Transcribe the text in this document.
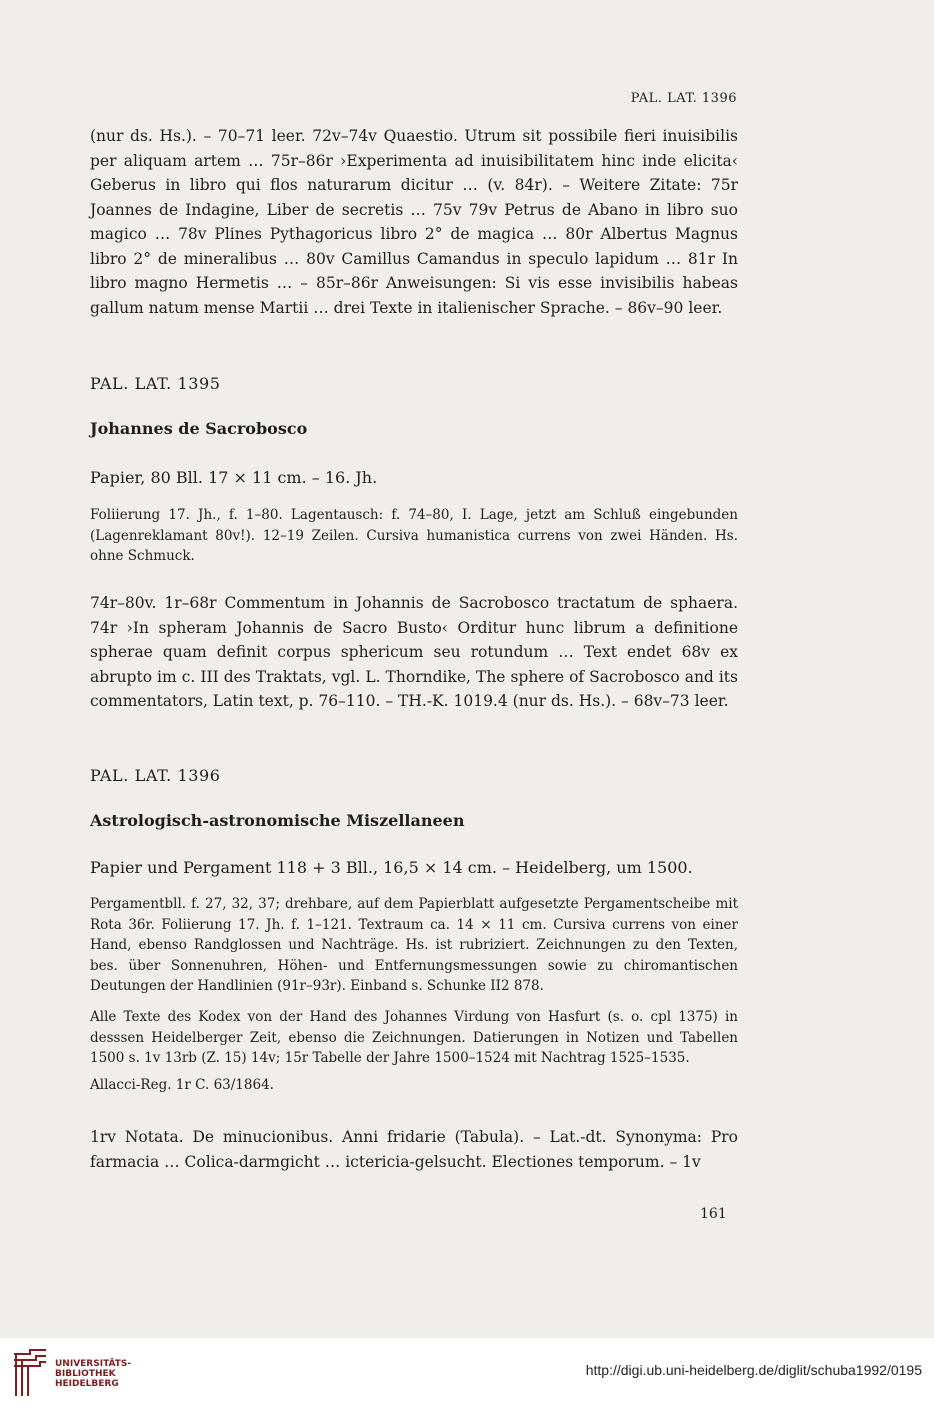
PAL. LAT. 1396
(nur ds. Hs.). – 70–71 leer. 72v–74v Quaestio. Utrum sit possibile fieri inuisibilis per aliquam artem … 75r–86r ›Experimenta ad inuisibilitatem hinc inde elicita‹ Geberus in libro qui flos naturarum dicitur … (v. 84r). – Weitere Zitate: 75r Joannes de Indagine, Liber de secretis … 75v 79v Petrus de Abano in libro suo magico … 78v Plines Pythagoricus libro 2° de magica … 80r Albertus Magnus libro 2° de mineralibus … 80v Camillus Camandus in speculo lapidum … 81r In libro magno Hermetis … – 85r–86r Anweisungen: Si vis esse invisibilis habeas gallum natum mense Martii … drei Texte in italienischer Sprache. – 86v–90 leer.
PAL. LAT. 1395
Johannes de Sacrobosco
Papier, 80 Bll. 17 × 11 cm. – 16. Jh.
Foliierung 17. Jh., f. 1–80. Lagentausch: f. 74–80, I. Lage, jetzt am Schluß eingebunden (Lagenreklamant 80v!). 12–19 Zeilen. Cursiva humanistica currens von zwei Händen. Hs. ohne Schmuck.
74r–80v. 1r–68r Commentum in Johannis de Sacrobosco tractatum de sphaera. 74r ›In spheram Johannis de Sacro Busto‹ Orditur hunc librum a definitione spherae quam definit corpus sphericum seu rotundum … Text endet 68v ex abrupto im c. III des Traktats, vgl. L. Thorndike, The sphere of Sacrobosco and its commentators, Latin text, p. 76–110. – TH.-K. 1019.4 (nur ds. Hs.). – 68v–73 leer.
PAL. LAT. 1396
Astrologisch-astronomische Miszellaneen
Papier und Pergament 118 + 3 Bll., 16,5 × 14 cm. – Heidelberg, um 1500.
Pergamentbll. f. 27, 32, 37; drehbare, auf dem Papierblatt aufgesetzte Pergamentscheibe mit Rota 36r. Foliierung 17. Jh. f. 1–121. Textraum ca. 14 × 11 cm. Cursiva currens von einer Hand, ebenso Randglossen und Nachträge. Hs. ist rubriziert. Zeichnungen zu den Texten, bes. über Sonnenuhren, Höhen- und Entfernungsmessungen sowie zu chiromantischen Deutungen der Handlinien (91r–93r). Einband s. Schunke II2 878.
Alle Texte des Kodex von der Hand des Johannes Virdung von Hasfurt (s. o. cpl 1375) in desssen Heidelberger Zeit, ebenso die Zeichnungen. Datierungen in Notizen und Tabellen 1500 s. 1v 13rb (Z. 15) 14v; 15r Tabelle der Jahre 1500–1524 mit Nachtrag 1525–1535.
Allacci-Reg. 1r C. 63/1864.
1rv Notata. De minucionibus. Anni fridarie (Tabula). – Lat.-dt. Synonyma: Pro farmacia … Colica-darmgicht … ictericia-gelsucht. Electiones temporum. – 1v
161
UNIVERSITÄTS-
BIBLIOTHEK
HEIDELBERG
http://digi.ub.uni-heidelberg.de/diglit/schuba1992/0195
